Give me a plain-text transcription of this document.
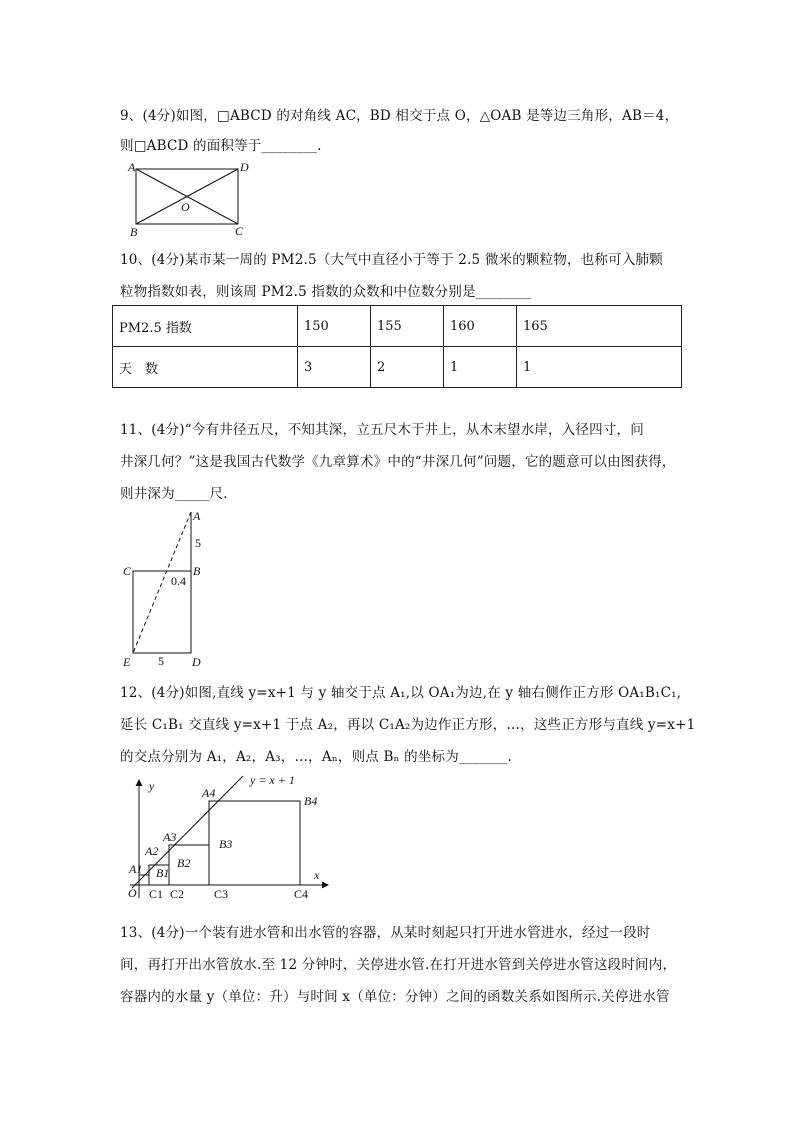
9、(4分)如图，□ABCD 的对角线 AC，BD 相交于点 O，△OAB 是等边三角形，AB＝4，
则□ABCD 的面积等于________.
A	D
B	C
O
10、(4分)某市某一周的 PM2.5（大气中直径小于等于 2.5 微米的颗粒物，也称可入肺颗
粒物指数如表，则该周 PM2.5 指数的众数和中位数分别是________
PM2.5 指数	150	155	160	165
天　数	3	2	1	1
11、(4分)“今有井径五尺，不知其深，立五尺木于井上，从木末望水岸，入径四寸，问
井深几何？”这是我国古代数学《九章算术》中的“井深几何”问题，它的题意可以由图获得，
则井深为_____尺.
A
B
C
D
E
5
5
0.4
12、(4分)如图,直线 y=x+1 与 y 轴交于点 A₁,以 OA₁为边,在 y 轴右侧作正方形 OA₁B₁C₁,
延长 C₁B₁ 交直线 y=x+1 于点 A₂，再以 C₁A₂为边作正方形，…，这些正方形与直线 y=x+1
的交点分别为 A₁，A₂，A₃，…，Aₙ，则点 Bₙ 的坐标为_______.
y = x + 1
y
x
O
A1
A2
A3
A4
B1
B2
B3
B4
C1 C2 C3	C4
13、(4分)一个装有进水管和出水管的容器，从某时刻起只打开进水管进水，经过一段时
间，再打开出水管放水.至 12 分钟时，关停进水管.在打开进水管到关停进水管这段时间内，
容器内的水量 y（单位：升）与时间 x（单位：分钟）之间的函数关系如图所示.关停进水管
